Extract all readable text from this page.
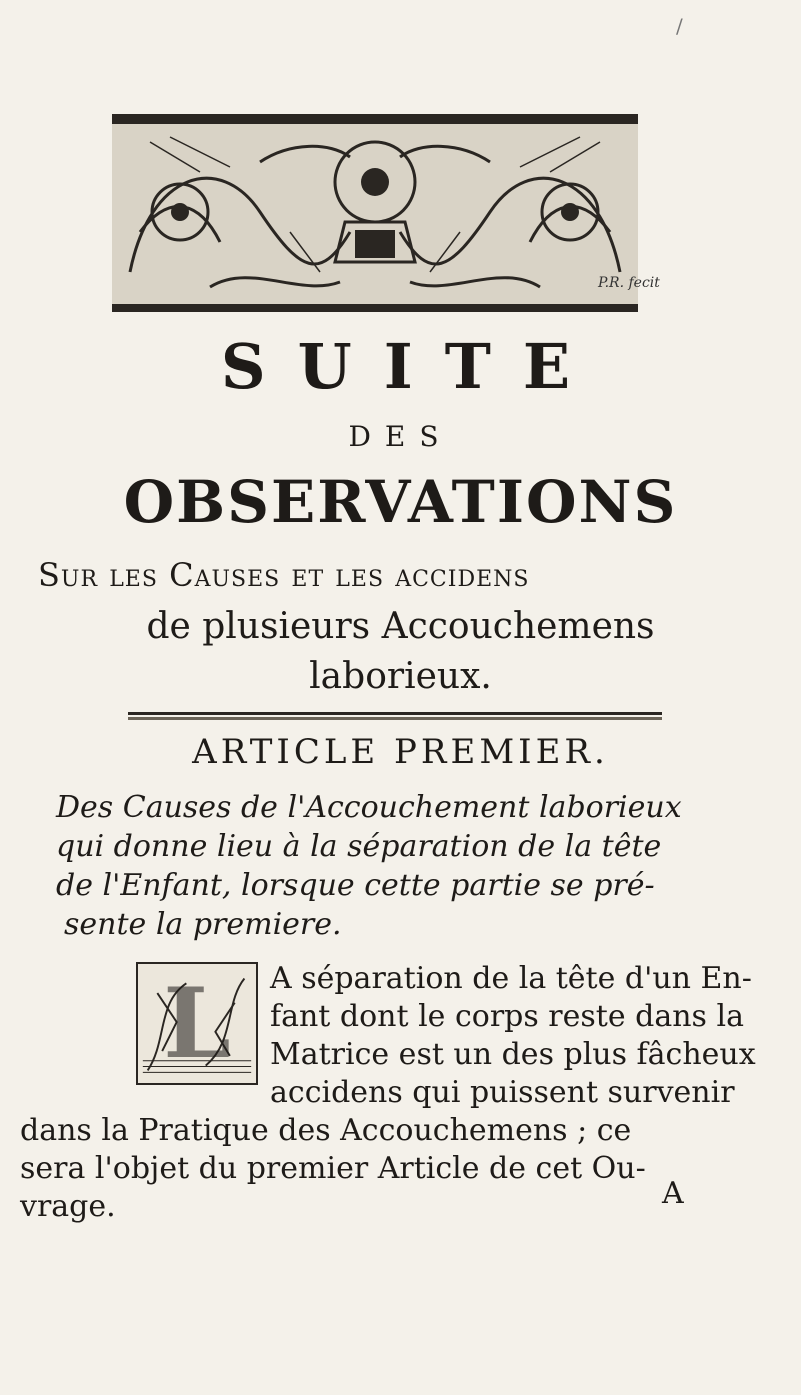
/
P.R. fecit
SUITE
DES
OBSERVATIONS
Sur les Causes et les accidens
de plusieurs Accouchemens
laborieux.
ARTICLE PREMIER.
Des Causes de l'Accouchement laborieux
qui donne lieu à la séparation de la tête
de l'Enfant, lorsque cette partie se pré-
sente la premiere.
L	A séparation de la tête d'un En-
fant dont le corps reste dans la
Matrice est un des plus fâcheux
accidens qui puissent survenir
dans la Pratique des Accouchemens ; ce
sera l'objet du premier Article de cet Ou-
vrage.	A
